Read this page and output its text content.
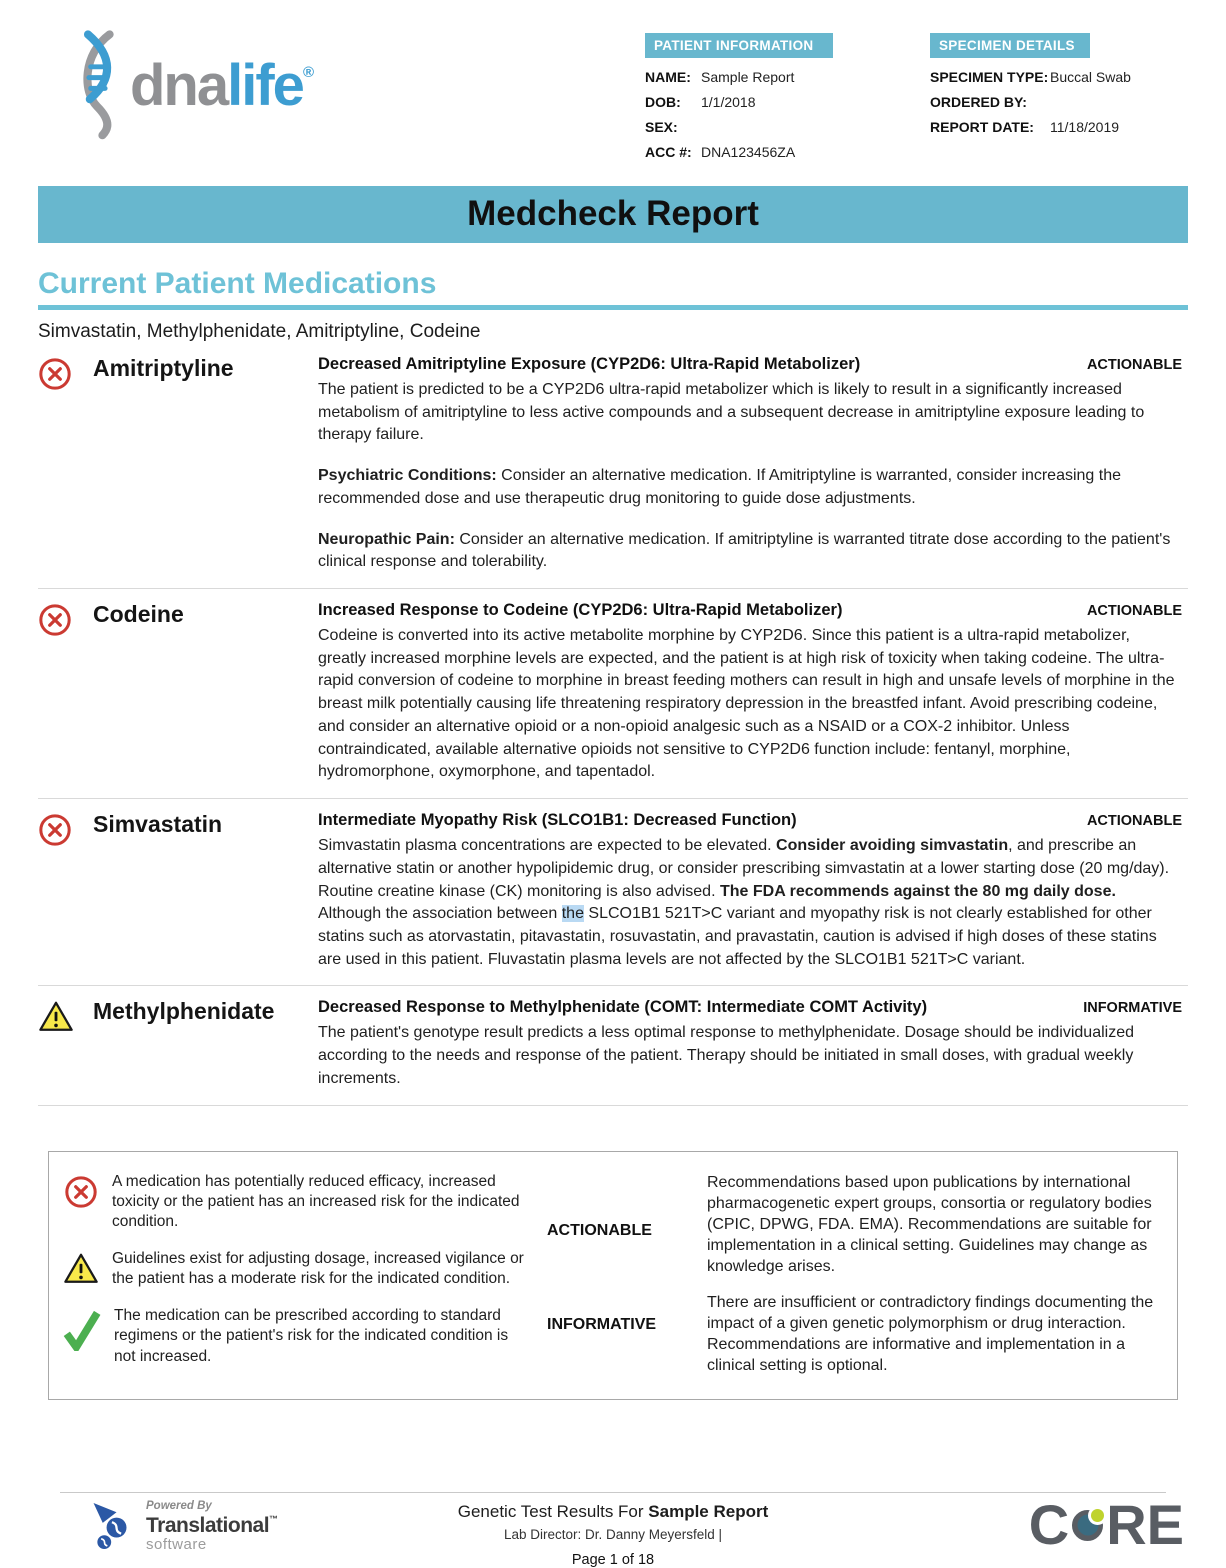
dnalife®
PATIENT INFORMATION
NAME: Sample Report
DOB:	1/1/2018
SEX:
ACC #: DNA123456ZA
SPECIMEN DETAILS
SPECIMEN TYPE: Buccal Swab
ORDERED BY:
REPORT DATE:	11/18/2019
Medcheck Report
Current Patient Medications
Simvastatin, Methylphenidate, Amitriptyline, Codeine
Amitriptyline	Decreased Amitriptyline Exposure (CYP2D6: Ultra-Rapid Metabolizer)	ACTIONABLE

The patient is predicted to be a CYP2D6 ultra-rapid metabolizer which is likely to result in a significantly increased metabolism of amitriptyline to less active compounds and a subsequent decrease in amitriptyline exposure leading to therapy failure.

Psychiatric Conditions: Consider an alternative medication. If Amitriptyline is warranted, consider increasing the recommended dose and use therapeutic drug monitoring to guide dose adjustments.

Neuropathic Pain: Consider an alternative medication. If amitriptyline is warranted titrate dose according to the patient's clinical response and tolerability.

Codeine	Increased Response to Codeine (CYP2D6: Ultra-Rapid Metabolizer)	ACTIONABLE

Codeine is converted into its active metabolite morphine by CYP2D6. Since this patient is a ultra-rapid metabolizer, greatly increased morphine levels are expected, and the patient is at high risk of toxicity when taking codeine. The ultra-rapid conversion of codeine to morphine in breast feeding mothers can result in high and unsafe levels of morphine in the breast milk potentially causing life threatening respiratory depression in the breastfed infant. Avoid prescribing codeine, and consider an alternative opioid or a non-opioid analgesic such as a NSAID or a COX-2 inhibitor. Unless contraindicated, available alternative opioids not sensitive to CYP2D6 function include: fentanyl, morphine, hydromorphone, oxymorphone, and tapentadol.

Simvastatin	Intermediate Myopathy Risk (SLCO1B1: Decreased Function)	ACTIONABLE

Simvastatin plasma concentrations are expected to be elevated. Consider avoiding simvastatin, and prescribe an alternative statin or another hypolipidemic drug, or consider prescribing simvastatin at a lower starting dose (20 mg/day). Routine creatine kinase (CK) monitoring is also advised. The FDA recommends against the 80 mg daily dose. Although the association between the SLCO1B1 521T>C variant and myopathy risk is not clearly established for other statins such as atorvastatin, pitavastatin, rosuvastatin, and pravastatin, caution is advised if high doses of these statins are used in this patient. Fluvastatin plasma levels are not affected by the SLCO1B1 521T>C variant.

Methylphenidate	Decreased Response to Methylphenidate (COMT: Intermediate COMT Activity)	INFORMATIVE

The patient's genotype result predicts a less optimal response to methylphenidate. Dosage should be individualized according to the needs and response of the patient. Therapy should be initiated in small doses, with gradual weekly increments.

A medication has potentially reduced efficacy, increased toxicity or the patient has an increased risk for the indicated condition.
Guidelines exist for adjusting dosage, increased vigilance or the patient has a moderate risk for the indicated condition.
The medication can be prescribed according to standard regimens or the patient's risk for the indicated condition is not increased.
ACTIONABLE
INFORMATIVE

Recommendations based upon publications by international pharmacogenetic expert groups, consortia or regulatory bodies (CPIC, DPWG, FDA. EMA). Recommendations are suitable for implementation in a clinical setting. Guidelines may change as knowledge arises.

There are insufficient or contradictory findings documenting the impact of a given genetic polymorphism or drug interaction. Recommendations are informative and implementation in a clinical setting is optional.

Powered By
Translational™
software
Genetic Test Results For Sample Report
Lab Director: Dr. Danny Meyersfeld |
Page 1 of 18
C R E
